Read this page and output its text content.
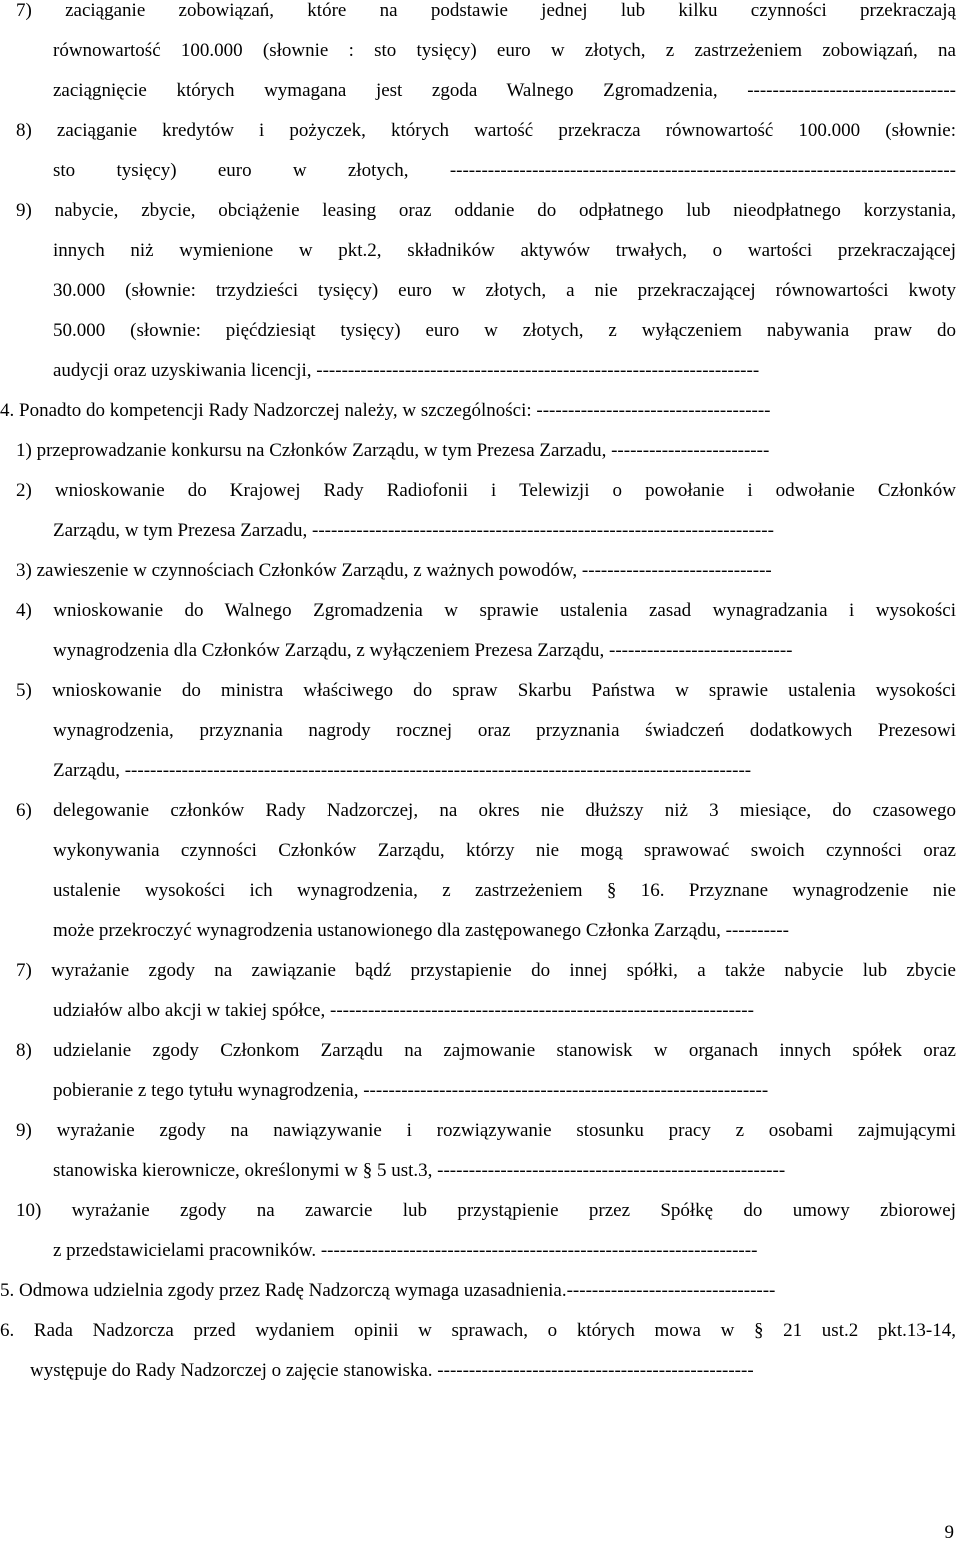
9
7) zaciąganie zobowiązań, które na podstawie jednej lub kilku czynności przekraczają
równowartość 100.000 (słownie : sto tysięcy) euro w złotych, z zastrzeżeniem zobowiązań, na
zaciągnięcie których wymagana jest zgoda Walnego Zgromadzenia, ---------------------------------
8) zaciąganie kredytów i pożyczek, których wartość przekracza równowartość 100.000 (słownie:
sto tysięcy) euro w złotych, --------------------------------------------------------------------------------
9) nabycie, zbycie, obciążenie leasing oraz oddanie do odpłatnego lub nieodpłatnego korzystania,
innych niż wymienione w pkt.2, składników aktywów trwałych, o wartości przekraczającej
30.000 (słownie: trzydzieści tysięcy) euro w złotych, a nie przekraczającej równowartości kwoty
50.000 (słownie: pięćdziesiąt tysięcy) euro w złotych, z wyłączeniem nabywania praw do
audycji oraz uzyskiwania licencji, ----------------------------------------------------------------------
4. Ponadto do kompetencji Rady Nadzorczej należy, w szczególności: -------------------------------------
1) przeprowadzanie konkursu na Członków Zarządu, w tym Prezesa Zarzadu, -------------------------
2) wnioskowanie do Krajowej Rady Radiofonii i Telewizji o powołanie i odwołanie Członków
Zarządu, w tym Prezesa Zarzadu, -------------------------------------------------------------------------
3) zawieszenie w czynnościach Członków Zarządu, z ważnych powodów, ------------------------------
4) wnioskowanie do Walnego Zgromadzenia w sprawie ustalenia zasad wynagradzania i wysokości
wynagrodzenia dla Członków Zarządu, z wyłączeniem Prezesa Zarządu, -----------------------------
5) wnioskowanie do ministra właściwego do spraw Skarbu Państwa w sprawie ustalenia wysokości
wynagrodzenia, przyznania nagrody rocznej oraz przyznania świadczeń dodatkowych Prezesowi
Zarządu, ---------------------------------------------------------------------------------------------------
6) delegowanie członków Rady Nadzorczej, na okres nie dłuższy niż 3 miesiące, do czasowego
wykonywania czynności Członków Zarządu, którzy nie mogą sprawować swoich czynności oraz
ustalenie wysokości ich wynagrodzenia, z zastrzeżeniem § 16. Przyznane wynagrodzenie nie
może przekroczyć wynagrodzenia ustanowionego dla zastępowanego Członka Zarządu, ----------
7) wyrażanie zgody na zawiązanie bądź przystapienie do innej spółki, a także nabycie lub zbycie
udziałów albo akcji w takiej spółce, -------------------------------------------------------------------
8) udzielanie zgody Członkom Zarządu na zajmowanie stanowisk w organach innych spółek oraz
pobieranie z tego tytułu wynagrodzenia, ----------------------------------------------------------------
9) wyrażanie zgody na nawiązywanie i rozwiązywanie stosunku pracy z osobami zajmującymi
stanowiska kierownicze, określonymi w § 5 ust.3, -------------------------------------------------------
10) wyrażanie zgody na zawarcie lub przystąpienie przez Spółkę do umowy zbiorowej
z przedstawicielami pracowników. ---------------------------------------------------------------------
5. Odmowa udzielnia zgody przez Radę Nadzorczą wymaga uzasadnienia.---------------------------------
6. Rada Nadzorcza przed wydaniem opinii w sprawach, o których mowa w § 21 ust.2 pkt.13-14,
występuje do Rady Nadzorczej o zajęcie stanowiska. --------------------------------------------------
